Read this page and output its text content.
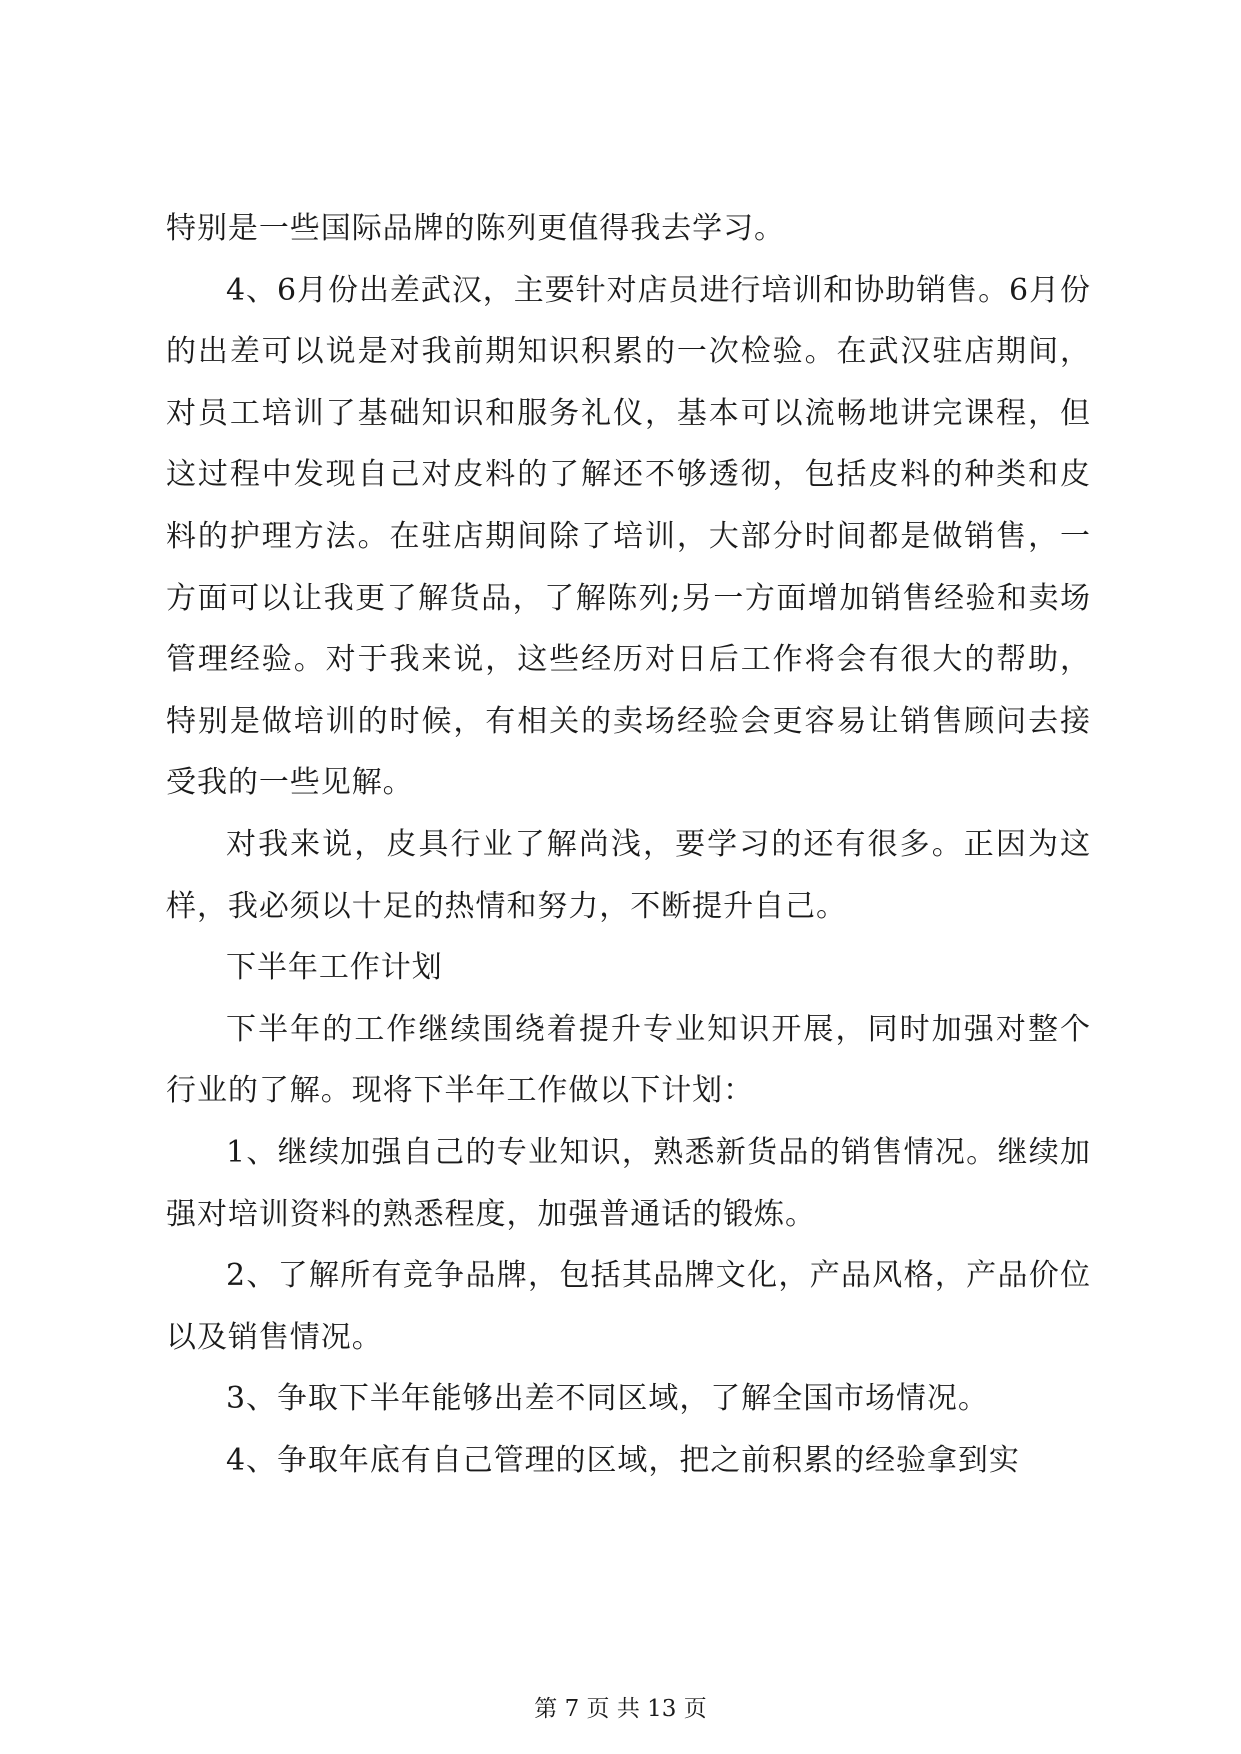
特别是一些国际品牌的陈列更值得我去学习。

4、6月份出差武汉，主要针对店员进行培训和协助销售。6月份的出差可以说是对我前期知识积累的一次检验。在武汉驻店期间，对员工培训了基础知识和服务礼仪，基本可以流畅地讲完课程，但这过程中发现自己对皮料的了解还不够透彻，包括皮料的种类和皮料的护理方法。在驻店期间除了培训，大部分时间都是做销售，一方面可以让我更了解货品，了解陈列;另一方面增加销售经验和卖场管理经验。对于我来说，这些经历对日后工作将会有很大的帮助，特别是做培训的时候，有相关的卖场经验会更容易让销售顾问去接受我的一些见解。

对我来说，皮具行业了解尚浅，要学习的还有很多。正因为这样，我必须以十足的热情和努力，不断提升自己。

下半年工作计划

下半年的工作继续围绕着提升专业知识开展，同时加强对整个行业的了解。现将下半年工作做以下计划：

1、继续加强自己的专业知识，熟悉新货品的销售情况。继续加强对培训资料的熟悉程度，加强普通话的锻炼。

2、了解所有竞争品牌，包括其品牌文化，产品风格，产品价位以及销售情况。

3、争取下半年能够出差不同区域，了解全国市场情况。

4、争取年底有自己管理的区域，把之前积累的经验拿到实

第 7 页 共 13 页
